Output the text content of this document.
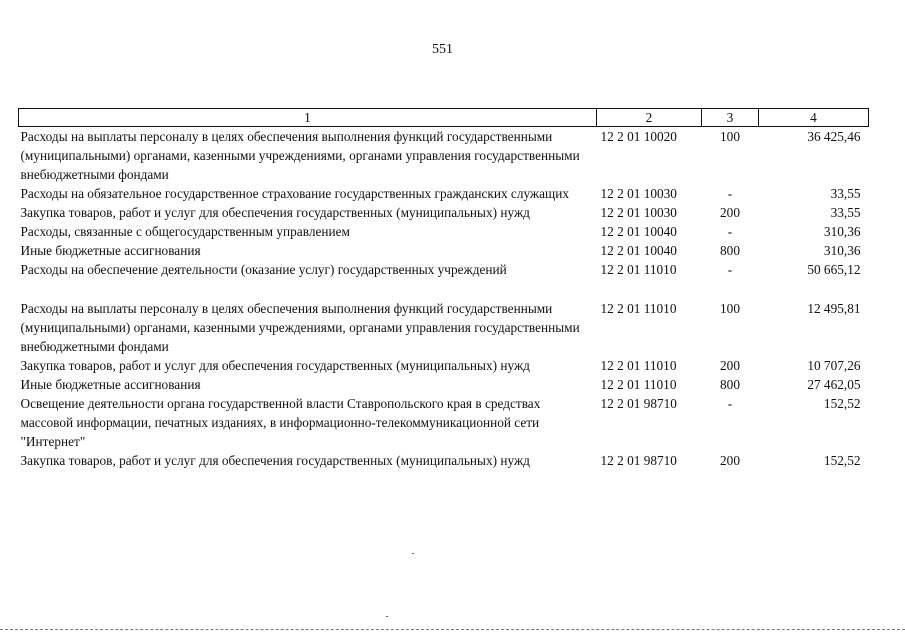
551
1	2	3	4
Расходы на выплаты персоналу в целях обеспечения выполнения функций государственными (муниципальными) органами, казенными учреждениями, органами управления государственными внебюджетными фондами	12 2 01 10020	100	36 425,46
Расходы на обязательное государственное страхование государственных гражданских служащих	12 2 01 10030	-	33,55
Закупка товаров, работ и услуг для обеспечения государственных (муниципальных) нужд	12 2 01 10030	200	33,55
Расходы, связанные с общегосударственным управлением	12 2 01 10040	-	310,36
Иные бюджетные ассигнования	12 2 01 10040	800	310,36
Расходы на обеспечение деятельности (оказание услуг) государственных учреждений	12 2 01 11010	-	50 665,12

Расходы на выплаты персоналу в целях обеспечения выполнения функций государственными (муниципальными) органами, казенными учреждениями, органами управления государственными внебюджетными фондами	12 2 01 11010	100	12 495,81
Закупка товаров, работ и услуг для обеспечения государственных (муниципальных) нужд	12 2 01 11010	200	10 707,26
Иные бюджетные ассигнования	12 2 01 11010	800	27 462,05
Освещение деятельности органа государственной власти Ставропольского края в средствах массовой информации, печатных изданиях, в информационно-телекоммуникационной сети "Интернет"	12 2 01 98710	-	152,52
Закупка товаров, работ и услуг для обеспечения государственных (муниципальных) нужд	12 2 01 98710	200	152,52
